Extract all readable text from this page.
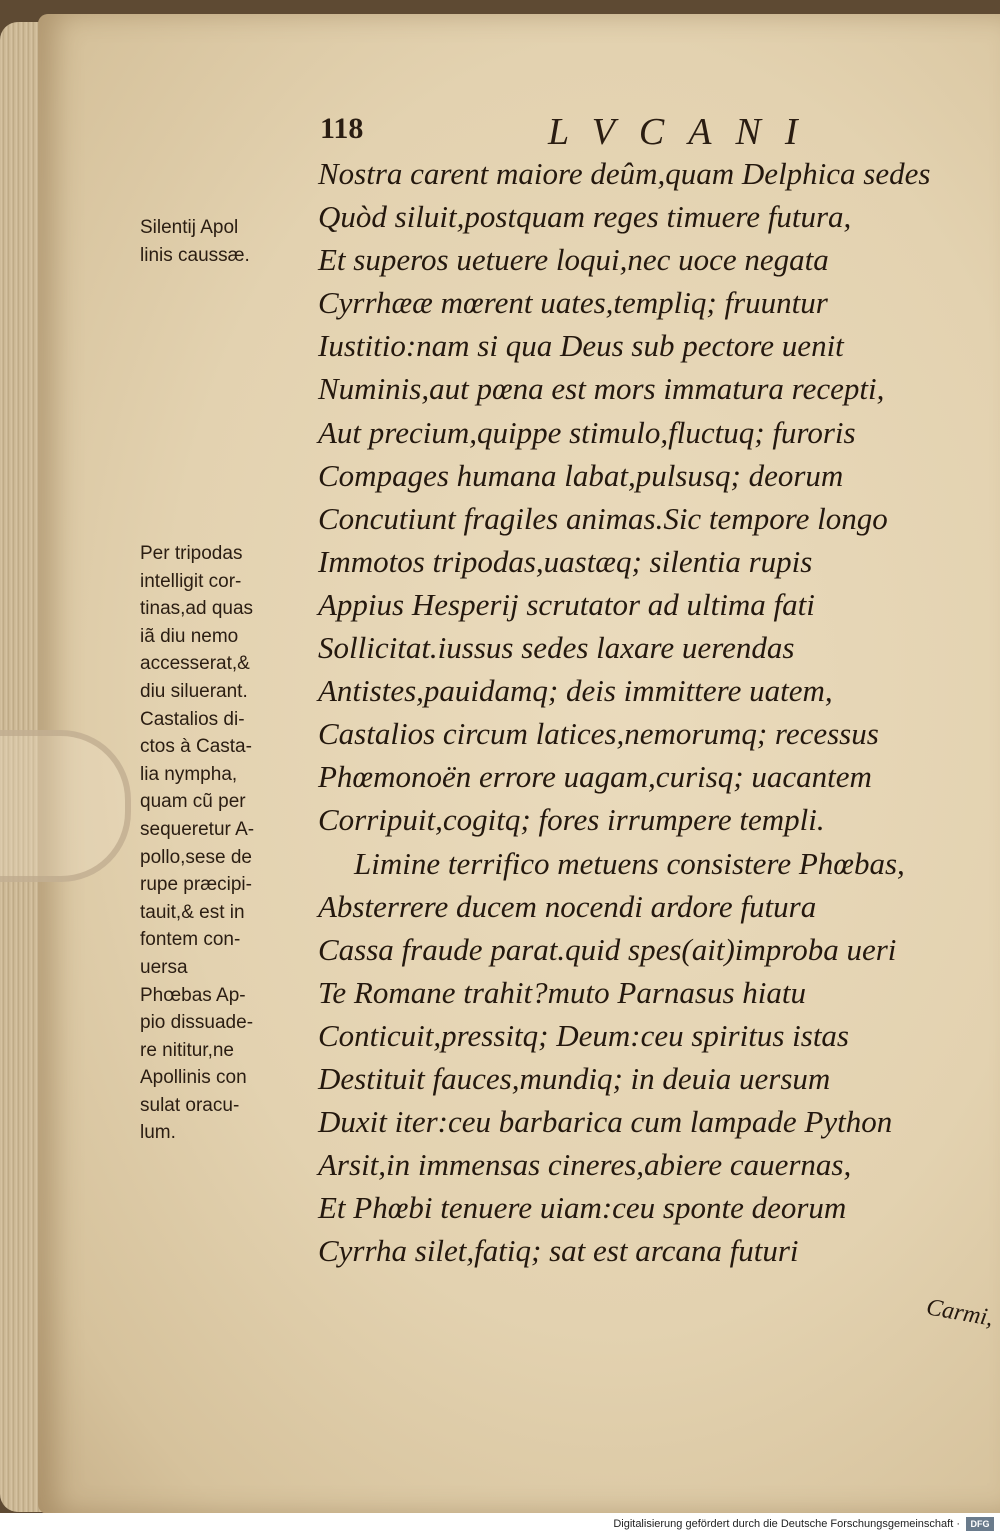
118	LVCANI
Nostra carent maiore deûm,quam Delphica sedes
Quòd siluit,postquam reges timuere futura,
Et superos uetuere loqui,nec uoce negata
Cyrrhææ mœrent uates,templiq; fruuntur
Iustitio:nam si qua Deus sub pectore uenit
Numinis,aut pœna est mors immatura recepti,
Aut precium,quippe stimulo,fluctuq; furoris
Compages humana labat,pulsusq; deorum
Concutiunt fragiles animas.Sic tempore longo
Immotos tripodas,uastæq; silentia rupis
Appius Hesperij scrutator ad ultima fati
Sollicitat.iussus sedes laxare uerendas
Antistes,pauidamq; deis immittere uatem,
Castalios circum latices,nemorumq; recessus
Phœmonoën errore uagam,curisq; uacantem
Corripuit,cogitq; fores irrumpere templi.
Limine terrifico metuens consistere Phœbas,
Absterrere ducem nocendi ardore futura
Cassa fraude parat.quid spes(ait)improba ueri
Te Romane trahit?muto Parnasus hiatu
Conticuit,pressitq; Deum:ceu spiritus istas
Destituit fauces,mundiq; in deuia uersum
Duxit iter:ceu barbarica cum lampade Python
Arsit,in immensas cineres,abiere cauernas,
Et Phœbi tenuere uiam:ceu sponte deorum
Cyrrha silet,fatiq; sat est arcana futuri
Silentij Apol
linis caussæ.
Per tripodas
intelligit cor-
tinas,ad quas
iã diu nemo
accesserat,&
diu siluerant.
Castalios di-
ctos à Casta-
lia nympha,
quam cũ per
sequeretur A-
pollo,sese de
rupe præcipi-
tauit,& est in
fontem con-
uersa
Phœbas Ap-
pio dissuade-
re nititur,ne
Apollinis con
sulat oracu-
lum.
Carmi,
Digitalisierung gefördert durch die Deutsche Forschungsgemeinschaft ·	DFG
